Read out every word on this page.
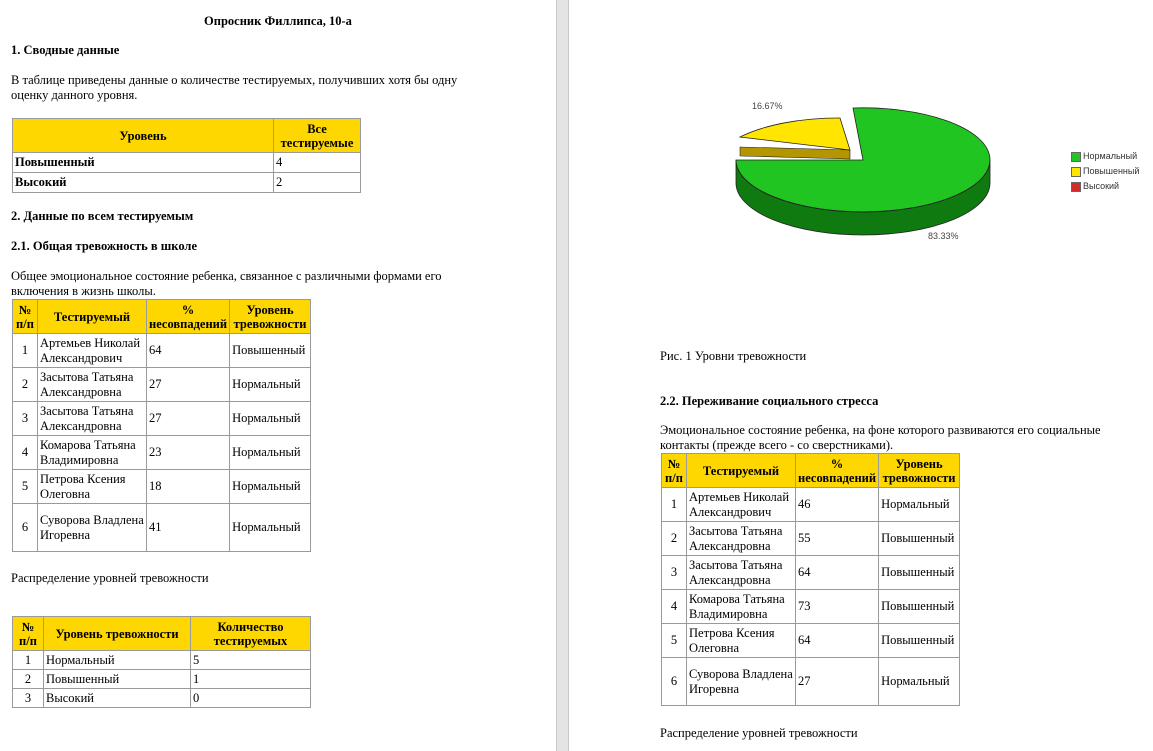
Опросник Филлипса, 10-а
1. Сводные данные
В таблице приведены данные о количестве тестируемых, получивших хотя бы одну оценку данного уровня.
Уровень	Все тестируемые
Повышенный	4
Высокий	2
2. Данные по всем тестируемым
2.1. Общая тревожность в школе
Общее эмоциональное состояние ребенка, связанное с различными формами его включения в жизнь школы.
№ п/п	Тестируемый	% несовпадений	Уровень тревожности
1	Артемьев Николай Александрович	64	Повышенный
2	Засытова Татьяна Александровна	27	Нормальный
3	Засытова Татьяна Александровна	27	Нормальный
4	Комарова Татьяна Владимировна	23	Нормальный
5	Петрова Ксения Олеговна	18	Нормальный
6	Суворова Владлена Игоревна	41	Нормальный
Распределение уровней тревожности
№ п/п	Уровень тревожности	Количество тестируемых
1	Нормальный	5
2	Повышенный	1
3	Высокий	0
16.67%
83.33%
Нормальный
Повышенный
Высокий
Рис. 1 Уровни тревожности
2.2. Переживание социального стресса
Эмоциональное состояние ребенка, на фоне которого развиваются его социальные контакты (прежде всего - со сверстниками).
№ п/п	Тестируемый	% несовпадений	Уровень тревожности
1	Артемьев Николай Александрович	46	Нормальный
2	Засытова Татьяна Александровна	55	Повышенный
3	Засытова Татьяна Александровна	64	Повышенный
4	Комарова Татьяна Владимировна	73	Повышенный
5	Петрова Ксения Олеговна	64	Повышенный
6	Суворова Владлена Игоревна	27	Нормальный
Распределение уровней тревожности
